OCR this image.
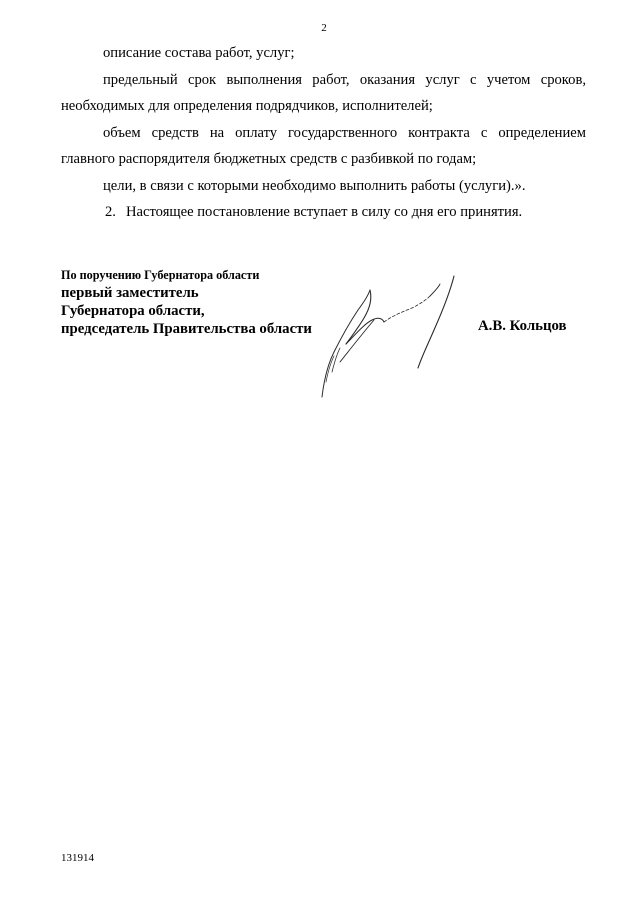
2

описание состава работ, услуг;

предельный срок выполнения работ, оказания услуг с учетом сроков, необходимых для определения подрядчиков, исполнителей;

объем средств на оплату государственного контракта с определением главного распорядителя бюджетных средств с разбивкой по годам;

цели, в связи с которыми необходимо выполнить работы (услуги).».

2. Настоящее постановление вступает в силу со дня его принятия.

По поручению Губернатора области
первый заместитель
Губернатора области,
председатель Правительства области	А.В. Кольцов
131914
